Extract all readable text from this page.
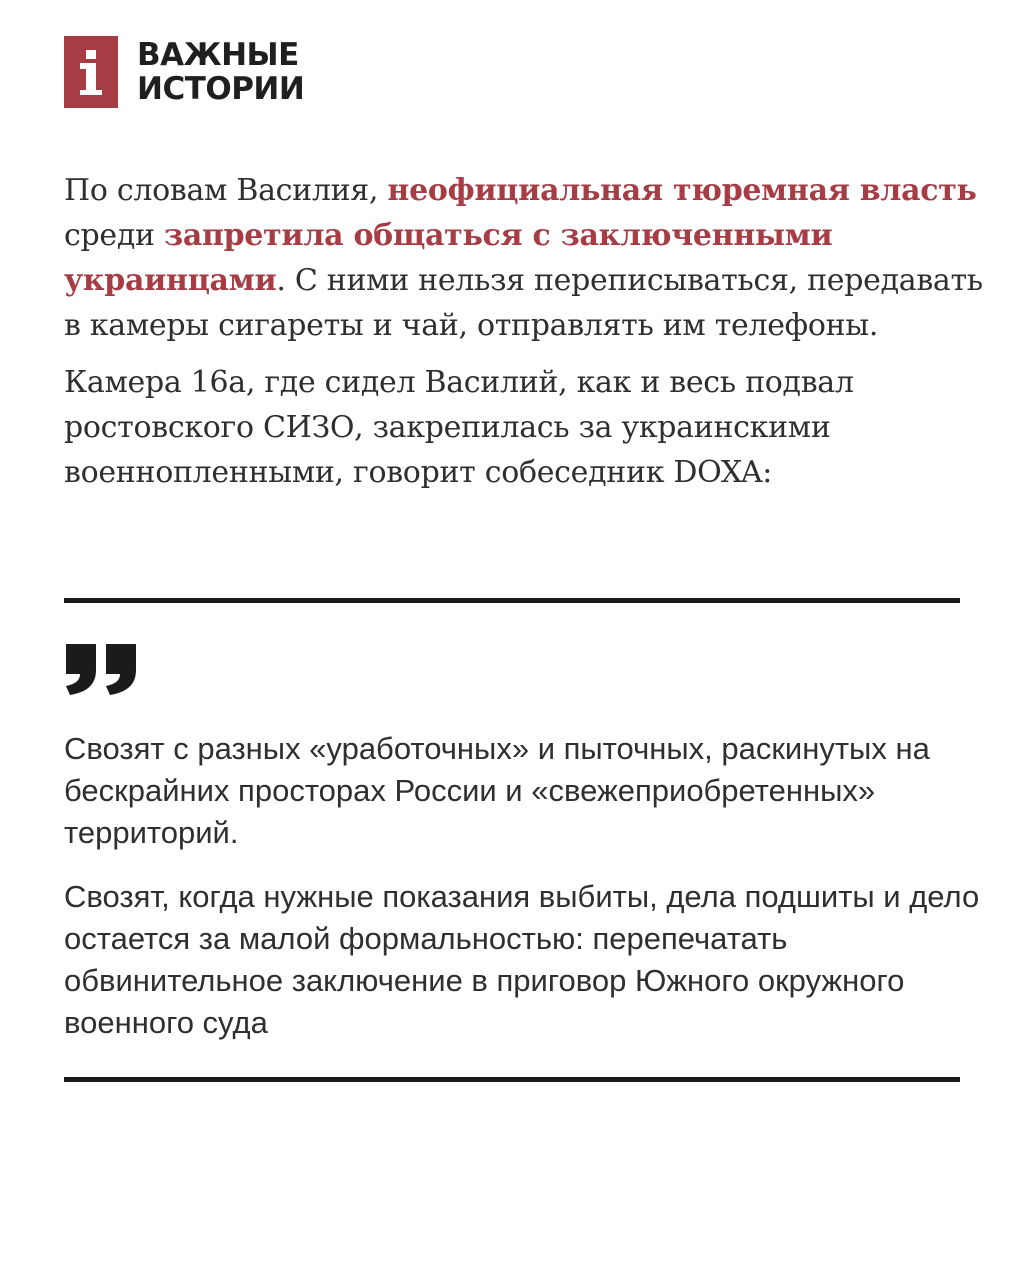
ВАЖНЫЕ
ИСТОРИИ

По словам Василия, неофициальная тюремная власть среди запретила общаться с заключенными украинцами. С ними нельзя переписываться, передавать в камеры сигареты и чай, отправлять им телефоны.

Камера 16а, где сидел Василий, как и весь подвал ростовского СИЗО, закрепилась за украинскими военнопленными, говорит собеседник DOXA:

Свозят с разных «уработочных» и пыточных, раскинутых на бескрайних просторах России и «свежеприобретенных» территорий.

Свозят, когда нужные показания выбиты, дела подшиты и дело остается за малой формальностью: перепечатать обвинительное заключение в приговор Южного окружного военного суда
